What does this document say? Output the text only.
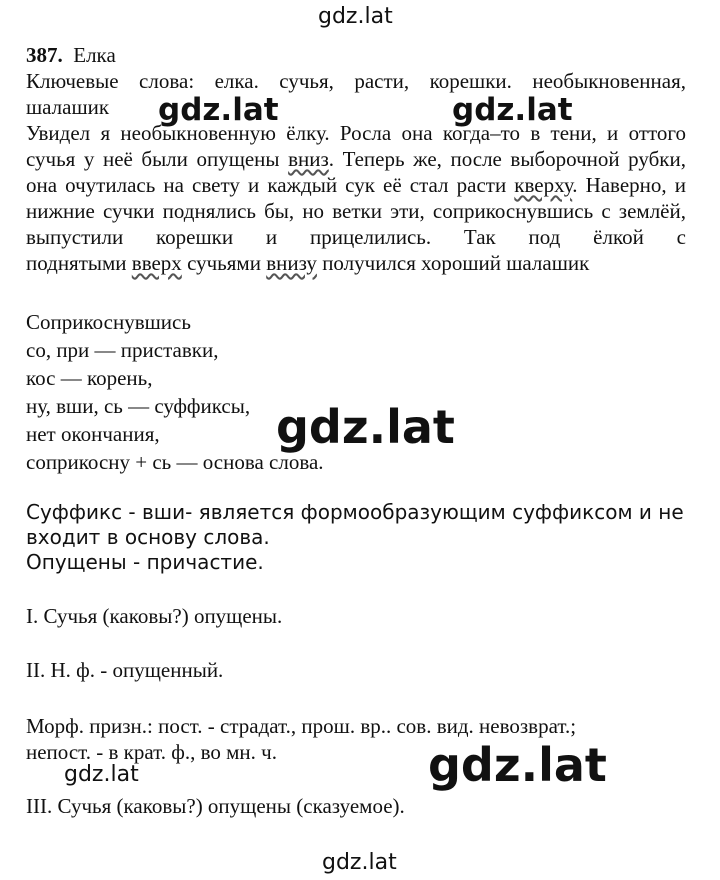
gdz.lat
387. Елка
Ключевые слова: елка. сучья, расти, корешки. необыкновенная,
шалашик
Увидел я необыкновенную ёлку. Росла она когда–то в тени, и оттого
сучья у неё были опущены вниз. Теперь же, после выборочной рубки,
она очутилась на свету и каждый сук её стал расти кверху. Наверно, и
нижние сучки поднялись бы, но ветки эти, соприкоснувшись с землёй,
выпустили корешки и прицелились. Так под ёлкой с
поднятыми вверх сучьями внизу получился хороший шалашик
gdz.lat	gdz.lat
Соприкоснувшись
со, при — приставки,
кос — корень,
ну, вши, сь — суффиксы,
нет окончания,
соприкосну + сь — основа слова.
gdz.lat
Суффикс - вши- является формообразующим суффиксом и не
входит в основу слова.
Опущены - причастие.
I. Сучья (каковы?) опущены.
II. Н. ф. - опущенный.
Морф. призн.: пост. - страдат., прош. вр.. сов. вид. невозврат.;
непост. - в крат. ф., во мн. ч.
gdz.lat	gdz.lat
III. Сучья (каковы?) опущены (сказуемое).
gdz.lat
